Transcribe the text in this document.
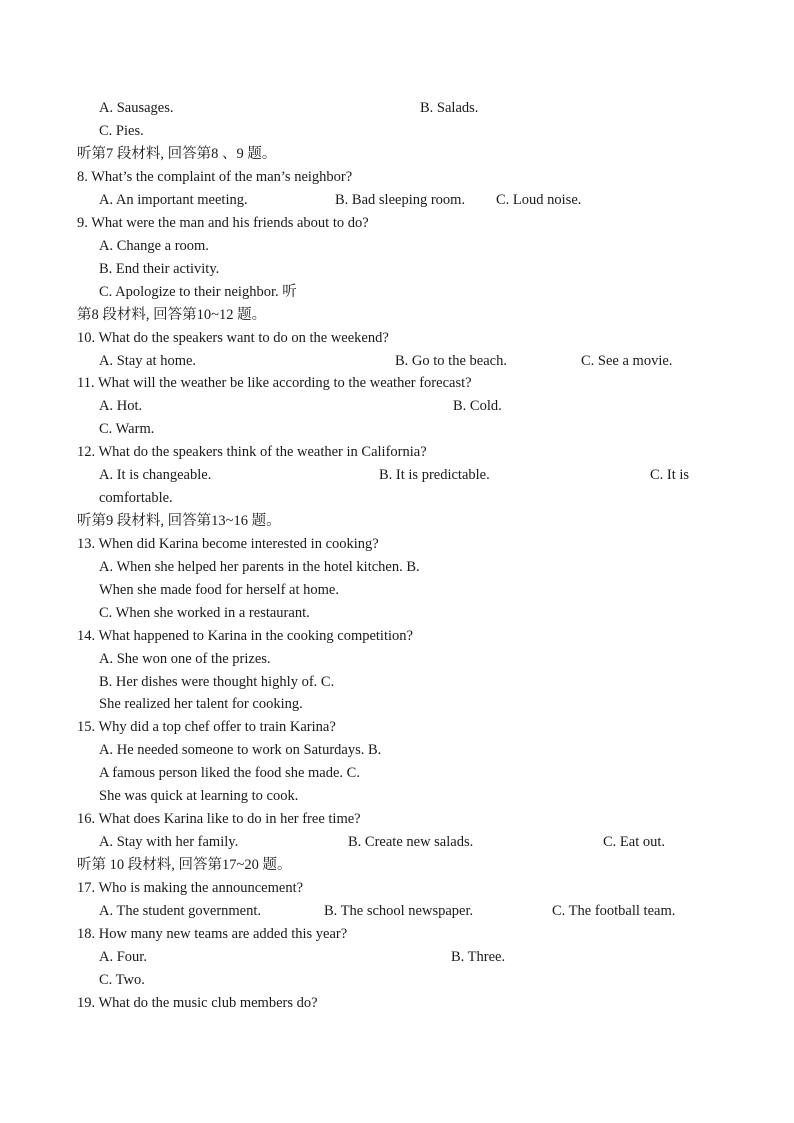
A. Sausages.	B. Salads.
C. Pies.
听第7 段材料, 回答第8 、9 题。
8. What’s the complaint of the man’s neighbor?
A. An important meeting.	B. Bad sleeping room. C. Loud noise.
9. What were the man and his friends about to do?
A. Change a room.
B. End their activity.
C. Apologize to their neighbor. 听
第8 段材料, 回答第10~12 题。
10. What do the speakers want to do on the weekend?
A. Stay at home.	B. Go to the beach.	C. See a movie.
11. What will the weather be like according to the weather forecast?
A. Hot.	B. Cold.
C. Warm.
12. What do the speakers think of the weather in California?
A. It is changeable.	B. It is predictable.	C. It is
comfortable.
听第9 段材料, 回答第13~16 题。
13. When did Karina become interested in cooking?
A. When she helped her parents in the hotel kitchen. B.
When she made food for herself at home.
C. When she worked in a restaurant.
14. What happened to Karina in the cooking competition?
A. She won one of the prizes.
B. Her dishes were thought highly of. C.
She realized her talent for cooking.
15. Why did a top chef offer to train Karina?
A. He needed someone to work on Saturdays. B.
A famous person liked the food she made. C.
She was quick at learning to cook.
16. What does Karina like to do in her free time?
A. Stay with her family.	B. Create new salads.	C. Eat out.
听第 10 段材料, 回答第17~20 题。
17. Who is making the announcement?
A. The student government.	B. The school newspaper.	C. The football team.
18. How many new teams are added this year?
A. Four.	B. Three.
C. Two.
19. What do the music club members do?
